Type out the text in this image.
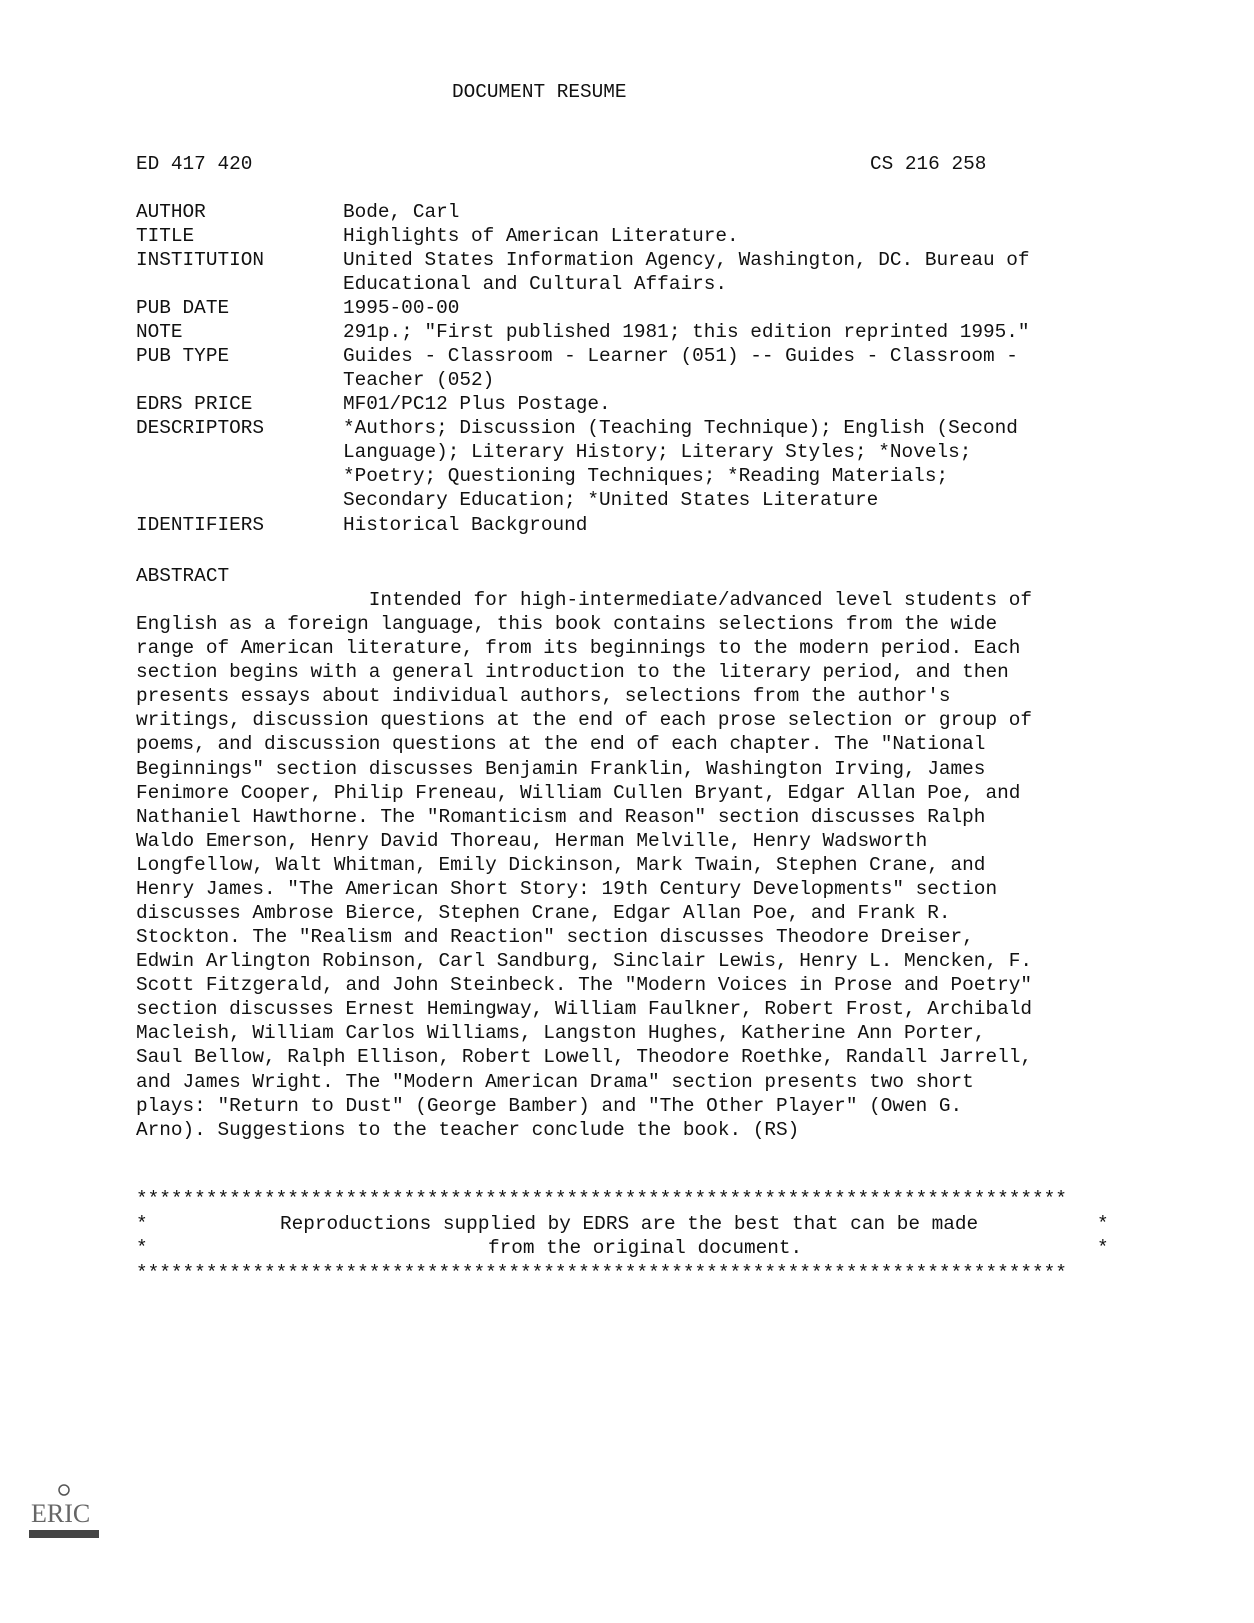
DOCUMENT RESUME
ED 417 420	CS 216 258
AUTHOR	Bode, Carl
TITLE	Highlights of American Literature.
INSTITUTION	United States Information Agency, Washington, DC. Bureau of
Educational and Cultural Affairs.
PUB DATE	1995-00-00
NOTE	291p.; "First published 1981; this edition reprinted 1995."
PUB TYPE	Guides - Classroom - Learner (051) -- Guides - Classroom -
Teacher (052)
EDRS PRICE	MF01/PC12 Plus Postage.
DESCRIPTORS	*Authors; Discussion (Teaching Technique); English (Second
Language); Literary History; Literary Styles; *Novels;
*Poetry; Questioning Techniques; *Reading Materials;
Secondary Education; *United States Literature
IDENTIFIERS	Historical Background
ABSTRACT
Intended for high-intermediate/advanced level students of
English as a foreign language, this book contains selections from the wide
range of American literature, from its beginnings to the modern period. Each
section begins with a general introduction to the literary period, and then
presents essays about individual authors, selections from the author's
writings, discussion questions at the end of each prose selection or group of
poems, and discussion questions at the end of each chapter. The "National
Beginnings" section discusses Benjamin Franklin, Washington Irving, James
Fenimore Cooper, Philip Freneau, William Cullen Bryant, Edgar Allan Poe, and
Nathaniel Hawthorne. The "Romanticism and Reason" section discusses Ralph
Waldo Emerson, Henry David Thoreau, Herman Melville, Henry Wadsworth
Longfellow, Walt Whitman, Emily Dickinson, Mark Twain, Stephen Crane, and
Henry James. "The American Short Story: 19th Century Developments" section
discusses Ambrose Bierce, Stephen Crane, Edgar Allan Poe, and Frank R.
Stockton. The "Realism and Reaction" section discusses Theodore Dreiser,
Edwin Arlington Robinson, Carl Sandburg, Sinclair Lewis, Henry L. Mencken, F.
Scott Fitzgerald, and John Steinbeck. The "Modern Voices in Prose and Poetry"
section discusses Ernest Hemingway, William Faulkner, Robert Frost, Archibald
Macleish, William Carlos Williams, Langston Hughes, Katherine Ann Porter,
Saul Bellow, Ralph Ellison, Robert Lowell, Theodore Roethke, Randall Jarrell,
and James Wright. The "Modern American Drama" section presents two short
plays: "Return to Dust" (George Bamber) and "The Other Player" (Owen G.
Arno). Suggestions to the teacher conclude the book. (RS)
********************************************************************************
*	Reproductions supplied by EDRS are the best that can be made	*
*	from the original document.	*
********************************************************************************
ERIC
